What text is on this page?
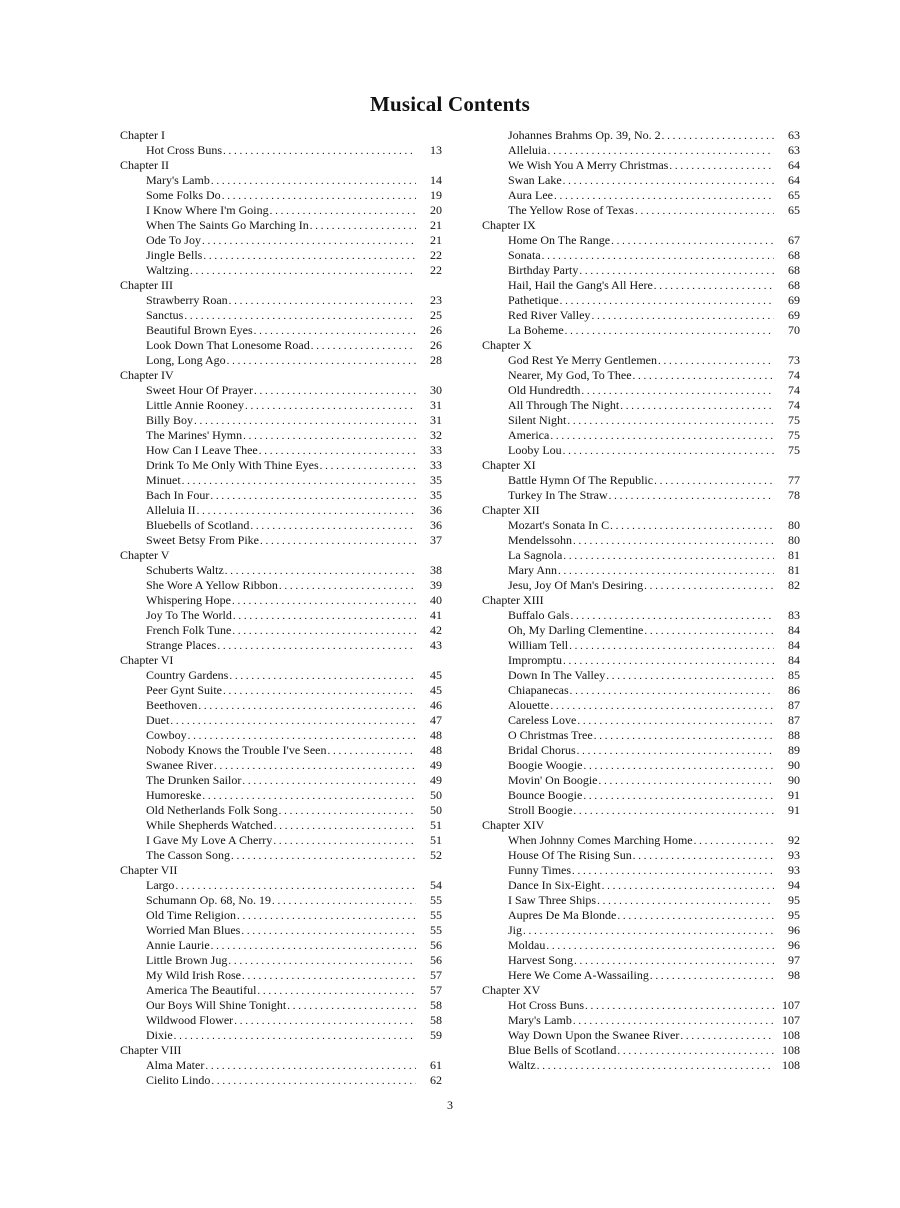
Musical Contents
Chapter I
Hot Cross Buns . . .	13
Chapter II
Mary's Lamb . . .	14
Some Folks Do . . .	19
I Know Where I'm Going . . .	20
When The Saints Go Marching In . . .	21
Ode To Joy . . .	21
Jingle Bells . . .	22
Waltzing . . .	22
Chapter III
Strawberry Roan . . .	23
Sanctus . . .	25
Beautiful Brown Eyes . . .	26
Look Down That Lonesome Road . . .	26
Long, Long Ago . . .	28
Chapter IV
Sweet Hour Of Prayer . . .	30
Little Annie Rooney . . .	31
Billy Boy . . .	31
The Marines' Hymn . . .	32
How Can I Leave Thee . . .	33
Drink To Me Only With Thine Eyes . . .	33
Minuet . . .	35
Bach In Four . . .	35
Alleluia II . . .	36
Bluebells of Scotland . . .	36
Sweet Betsy From Pike . . .	37
Chapter V
Schuberts Waltz . . .	38
She Wore A Yellow Ribbon . . .	39
Whispering Hope . . .	40
Joy To The World . . .	41
French Folk Tune . . .	42
Strange Places . . .	43
Chapter VI
Country Gardens . . .	45
Peer Gynt Suite . . .	45
Beethoven . . .	46
Duet . . .	47
Cowboy . . .	48
Nobody Knows the Trouble I've Seen . . .	48
Swanee River . . .	49
The Drunken Sailor . . .	49
Humoreske . . .	50
Old Netherlands Folk Song . . .	50
While Shepherds Watched . . .	51
I Gave My Love A Cherry . . .	51
The Casson Song . . .	52
Chapter VII
Largo . . .	54
Schumann Op. 68, No. 19 . . .	55
Old Time Religion . . .	55
Worried Man Blues . . .	55
Annie Laurie . . .	56
Little Brown Jug . . .	56
My Wild Irish Rose . . .	57
America The Beautiful . . .	57
Our Boys Will Shine Tonight . . .	58
Wildwood Flower . . .	58
Dixie . . .	59
Chapter VIII
Alma Mater . . .	61
Cielito Lindo . . .	62
Johannes Brahms Op. 39, No. 2 . . .	63
Alleluia . . .	63
We Wish You A Merry Christmas . . .	64
Swan Lake . . .	64
Aura Lee . . .	65
The Yellow Rose of Texas . . .	65
Chapter IX
Home On The Range . . .	67
Sonata . . .	68
Birthday Party . . .	68
Hail, Hail the Gang's All Here . . .	68
Pathetique . . .	69
Red River Valley . . .	69
La Boheme . . .	70
Chapter X
God Rest Ye Merry Gentlemen . . .	73
Nearer, My God, To Thee . . .	74
Old Hundredth . . .	74
All Through The Night . . .	74
Silent Night . . .	75
America . . .	75
Looby Lou . . .	75
Chapter XI
Battle Hymn Of The Republic . . .	77
Turkey In The Straw . . .	78
Chapter XII
Mozart's Sonata In C . . .	80
Mendelssohn . . .	80
La Sagnola . . .	81
Mary Ann . . .	81
Jesu, Joy Of Man's Desiring . . .	82
Chapter XIII
Buffalo Gals . . .	83
Oh, My Darling Clementine . . .	84
William Tell . . .	84
Impromptu . . .	84
Down In The Valley . . .	85
Chiapanecas . . .	86
Alouette . . .	87
Careless Love . . .	87
O Christmas Tree . . .	88
Bridal Chorus . . .	89
Boogie Woogie . . .	90
Movin' On Boogie . . .	90
Bounce Boogie . . .	91
Stroll Boogie . . .	91
Chapter XIV
When Johnny Comes Marching Home . . .	92
House Of The Rising Sun . . .	93
Funny Times . . .	93
Dance In Six-Eight . . .	94
I Saw Three Ships . . .	95
Aupres De Ma Blonde . . .	95
Jig . . .	96
Moldau . . .	96
Harvest Song . . .	97
Here We Come A-Wassailing . . .	98
Chapter XV
Hot Cross Buns . . .	107
Mary's Lamb . . .	107
Way Down Upon the Swanee River . . .	108
Blue Bells of Scotland . . .	108
Waltz . . .	108
3
